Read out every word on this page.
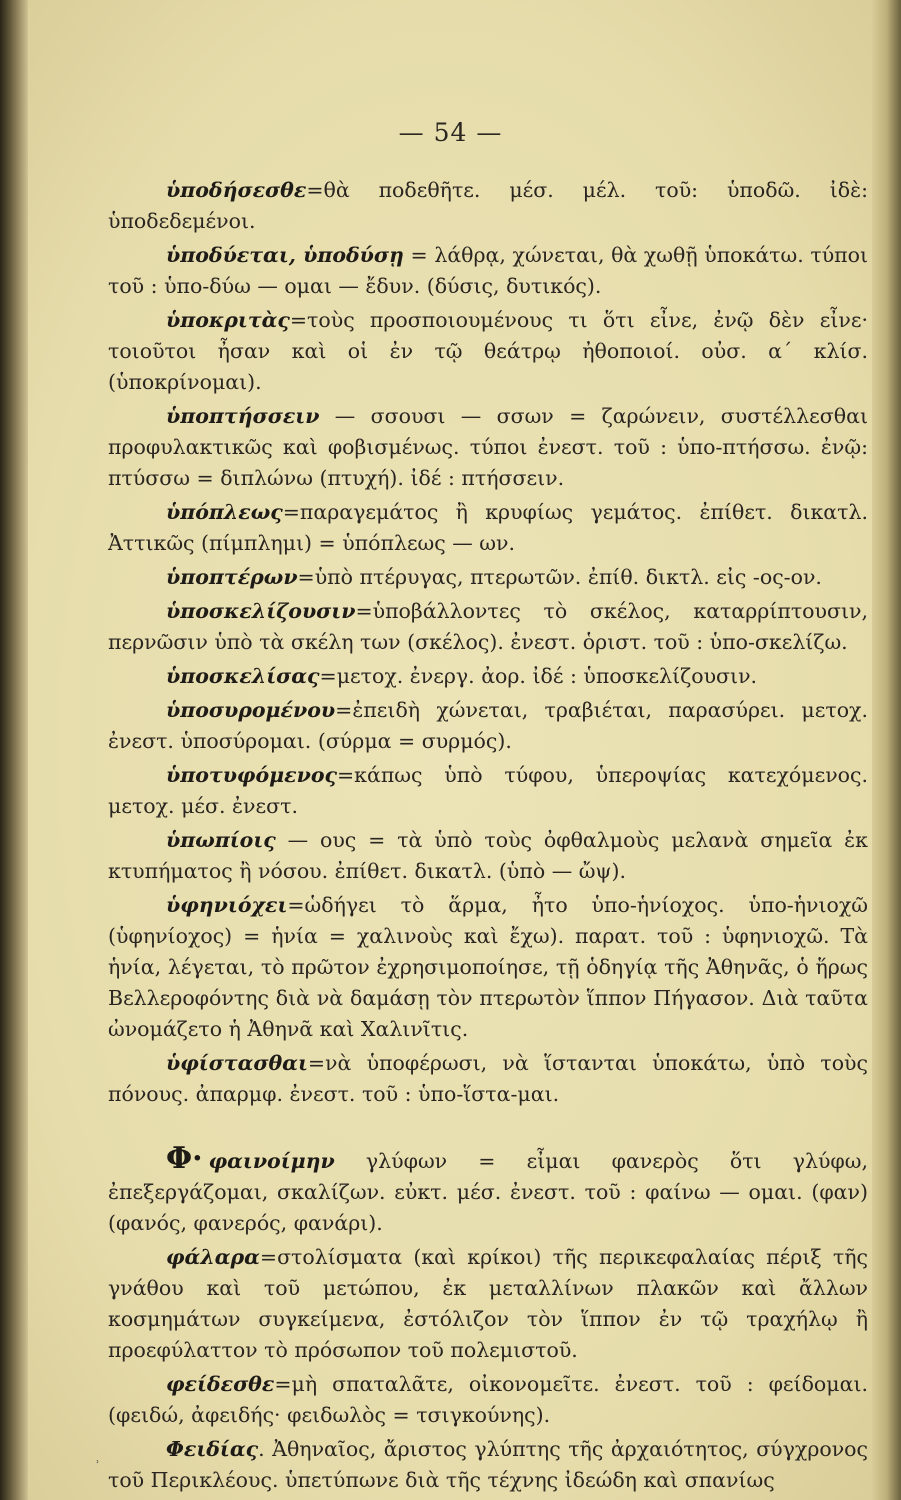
— 54 —

ὑποδήσεσθε=θὰ ποδεθῆτε. μέσ. μέλ. τοῦ: ὑποδῶ. ἰδὲ: ὑποδεδεμένοι.

ὑποδύεται, ὑποδύσῃ = λάθρᾳ, χώνεται, θὰ χωθῇ ὑποκάτω. τύποι τοῦ : ὑπο-δύω — ομαι — ἔδυν. (δύσις, δυτικός).

ὑποκριτὰς=τοὺς προσποιουμένους τι ὅτι εἶνε, ἐνῷ δὲν εἶνε· τοιοῦτοι ἦσαν καὶ οἱ ἐν τῷ θεάτρῳ ἠθοποιοί. οὐσ. α΄ κλίσ. (ὑποκρίνομαι).

ὑποπτήσσειν — σσουσι — σσων = ζαρώνειν, συστέλλεσθαι προφυλακτικῶς καὶ φοβισμένως. τύποι ἐνεστ. τοῦ : ὑπο-πτήσσω. ἐνῷ: πτύσσω = διπλώνω (πτυχή). ἰδέ : πτήσσειν.

ὑπόπλεως=παραγεμάτος ἢ κρυφίως γεμάτος. ἐπίθετ. δικατλ. Ἀττικῶς (πίμπλημι) = ὑπόπλεως — ων.

ὑποπτέρων=ὑπὸ πτέρυγας, πτερωτῶν. ἐπίθ. δικτλ. εἰς -ος-ον.

ὑποσκελίζουσιν=ὑποβάλλοντες τὸ σκέλος, καταρρίπτουσιν, περνῶσιν ὑπὸ τὰ σκέλη των (σκέλος). ἐνεστ. ὁριστ. τοῦ : ὑπο-σκελίζω.

ὑποσκελίσας=μετοχ. ἐνεργ. ἀορ. ἰδέ : ὑποσκελίζουσιν.

ὑποσυρομένου=ἐπειδὴ χώνεται, τραβιέται, παρασύρει. μετοχ. ἐνεστ. ὑποσύρομαι. (σύρμα = συρμός).

ὑποτυφόμενος=κάπως ὑπὸ τύφου, ὑπεροψίας κατεχόμενος. μετοχ. μέσ. ἐνεστ.

ὑπωπίοις — ους = τὰ ὑπὸ τοὺς ὀφθαλμοὺς μελανὰ σημεῖα ἐκ κτυπήματος ἢ νόσου. ἐπίθετ. δικατλ. (ὑπὸ — ὤψ).

ὑφηνιόχει=ὡδήγει τὸ ἅρμα, ἦτο ὑπο-ἡνίοχος. ὑπο-ἡνιοχῶ (ὑφηνίοχος) = ἡνία = χαλινοὺς καὶ ἔχω). παρατ. τοῦ : ὑφηνιοχῶ. Τὰ ἡνία, λέγεται, τὸ πρῶτον ἐχρησιμοποίησε, τῇ ὁδηγίᾳ τῆς Ἀθηνᾶς, ὁ ἥρως Βελλεροφόντης διὰ νὰ δαμάσῃ τὸν πτερωτὸν ἵππον Πήγασον. Διὰ ταῦτα ὠνομάζετο ἡ Ἀθηνᾶ καὶ Χαλινῖτις.

ὑφίστασθαι=νὰ ὑποφέρωσι, νὰ ἵστανται ὑποκάτω, ὑπὸ τοὺς πόνους. ἀπαρμφ. ἐνεστ. τοῦ : ὑπο-ἵστα-μαι.

Φ· φαινοίμην γλύφων = εἶμαι φανερὸς ὅτι γλύφω, ἐπεξεργάζομαι, σκαλίζων. εὐκτ. μέσ. ἐνεστ. τοῦ : φαίνω — ομαι. (φαν) (φανός, φανερός, φανάρι).

φάλαρα=στολίσματα (καὶ κρίκοι) τῆς περικεφαλαίας πέριξ τῆς γνάθου καὶ τοῦ μετώπου, ἐκ μεταλλίνων πλακῶν καὶ ἄλλων κοσμημάτων συγκείμενα, ἐστόλιζον τὸν ἵππον ἐν τῷ τραχήλῳ ἢ προεφύλαττον τὸ πρόσωπον τοῦ πολεμιστοῦ.

φείδεσθε=μὴ σπαταλᾶτε, οἰκονομεῖτε. ἐνεστ. τοῦ : φείδομαι. (φειδώ, ἀφειδής· φειδωλὸς = τσιγκούνης).

Φειδίας. Ἀθηναῖος, ἄριστος γλύπτης τῆς ἀρχαιότητος, σύγχρονος τοῦ Περικλέους. ὑπετύπωνε διὰ τῆς τέχνης ἰδεώδη καὶ σπανίως

ʾ
